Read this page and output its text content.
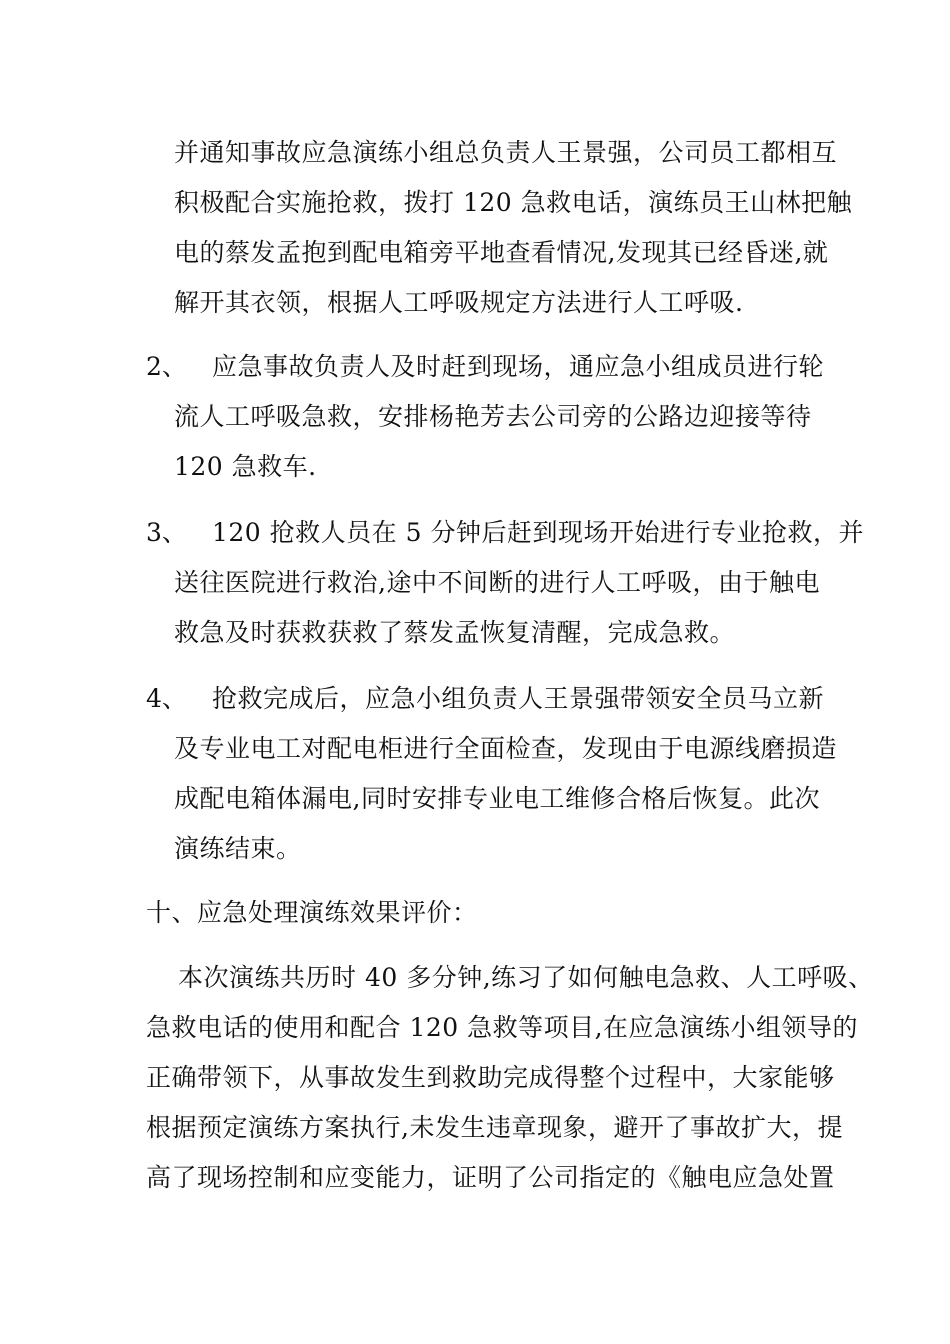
并通知事故应急演练小组总负责人王景强，公司员工都相互
积极配合实施抢救，拨打 120 急救电话，演练员王山林把触
电的蔡发孟抱到配电箱旁平地查看情况,发现其已经昏迷,就
解开其衣领，根据人工呼吸规定方法进行人工呼吸.
2、 应急事故负责人及时赶到现场，通应急小组成员进行轮
流人工呼吸急救，安排杨艳芳去公司旁的公路边迎接等待
120 急救车.
3、 120 抢救人员在 5 分钟后赶到现场开始进行专业抢救，并
送往医院进行救治,途中不间断的进行人工呼吸，由于触电
救急及时获救获救了蔡发孟恢复清醒，完成急救。
4、 抢救完成后，应急小组负责人王景强带领安全员马立新
及专业电工对配电柜进行全面检查，发现由于电源线磨损造
成配电箱体漏电,同时安排专业电工维修合格后恢复。此次
演练结束。
十、应急处理演练效果评价：
本次演练共历时 40 多分钟,练习了如何触电急救、人工呼吸、
急救电话的使用和配合 120 急救等项目,在应急演练小组领导的
正确带领下，从事故发生到救助完成得整个过程中，大家能够
根据预定演练方案执行,未发生违章现象，避开了事故扩大，提
高了现场控制和应变能力，证明了公司指定的《触电应急处置
